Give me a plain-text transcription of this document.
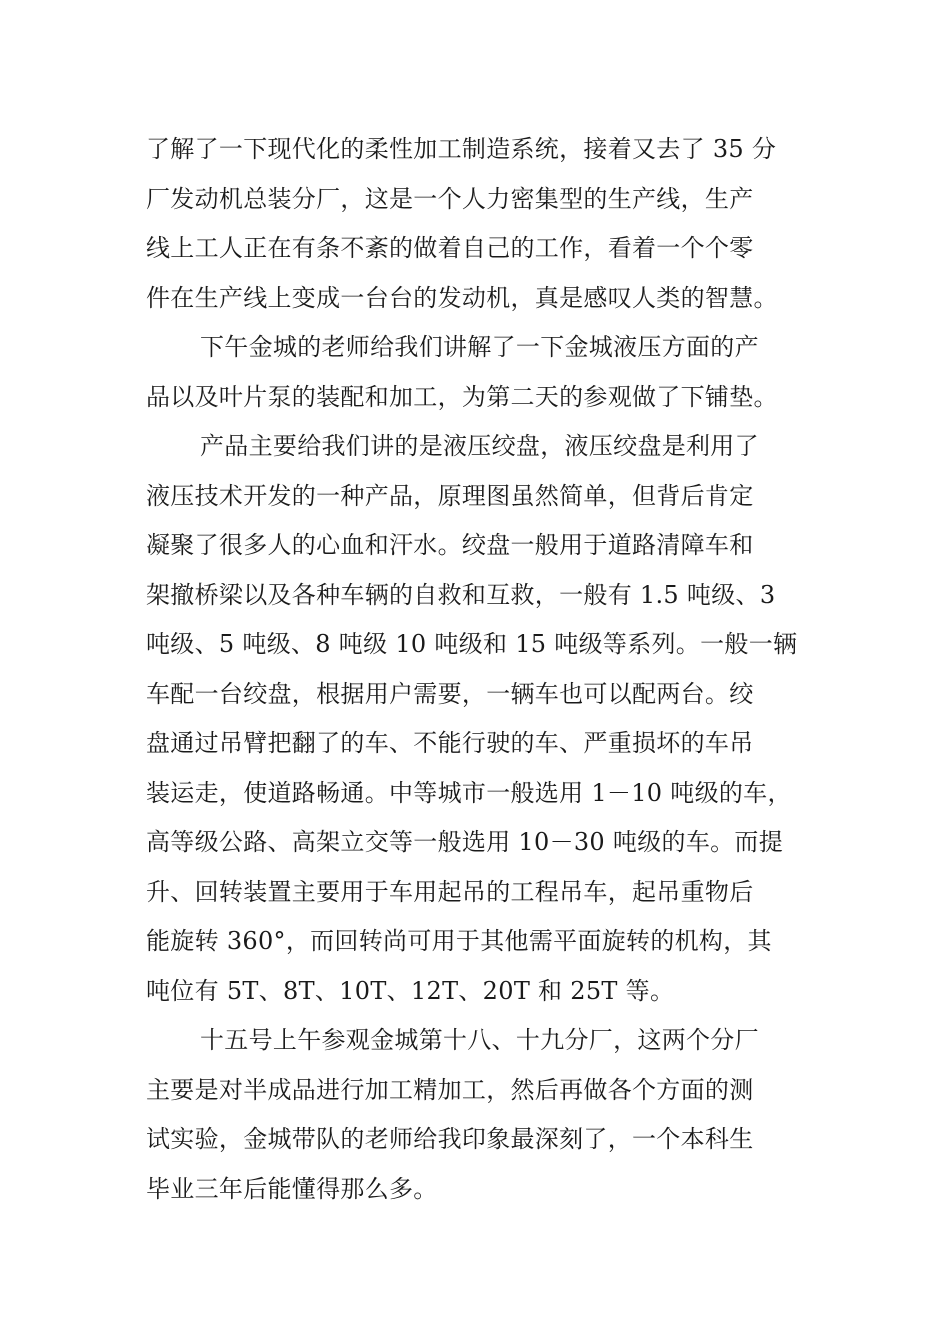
了解了一下现代化的柔性加工制造系统，接着又去了 35 分
厂发动机总装分厂，这是一个人力密集型的生产线，生产
线上工人正在有条不紊的做着自己的工作，看着一个个零
件在生产线上变成一台台的发动机，真是感叹人类的智慧。
下午金城的老师给我们讲解了一下金城液压方面的产
品以及叶片泵的装配和加工，为第二天的参观做了下铺垫。
产品主要给我们讲的是液压绞盘，液压绞盘是利用了
液压技术开发的一种产品，原理图虽然简单，但背后肯定
凝聚了很多人的心血和汗水。绞盘一般用于道路清障车和
架撤桥梁以及各种车辆的自救和互救，一般有 1.5 吨级、3
吨级、5 吨级、8 吨级 10 吨级和 15 吨级等系列。一般一辆
车配一台绞盘，根据用户需要，一辆车也可以配两台。绞
盘通过吊臂把翻了的车、不能行驶的车、严重损坏的车吊
装运走，使道路畅通。中等城市一般选用 1－10 吨级的车，
高等级公路、高架立交等一般选用 10－30 吨级的车。而提
升、回转装置主要用于车用起吊的工程吊车，起吊重物后
能旋转 360°，而回转尚可用于其他需平面旋转的机构，其
吨位有 5T、8T、10T、12T、20T 和 25T 等。
十五号上午参观金城第十八、十九分厂，这两个分厂
主要是对半成品进行加工精加工，然后再做各个方面的测
试实验，金城带队的老师给我印象最深刻了，一个本科生
毕业三年后能懂得那么多。
